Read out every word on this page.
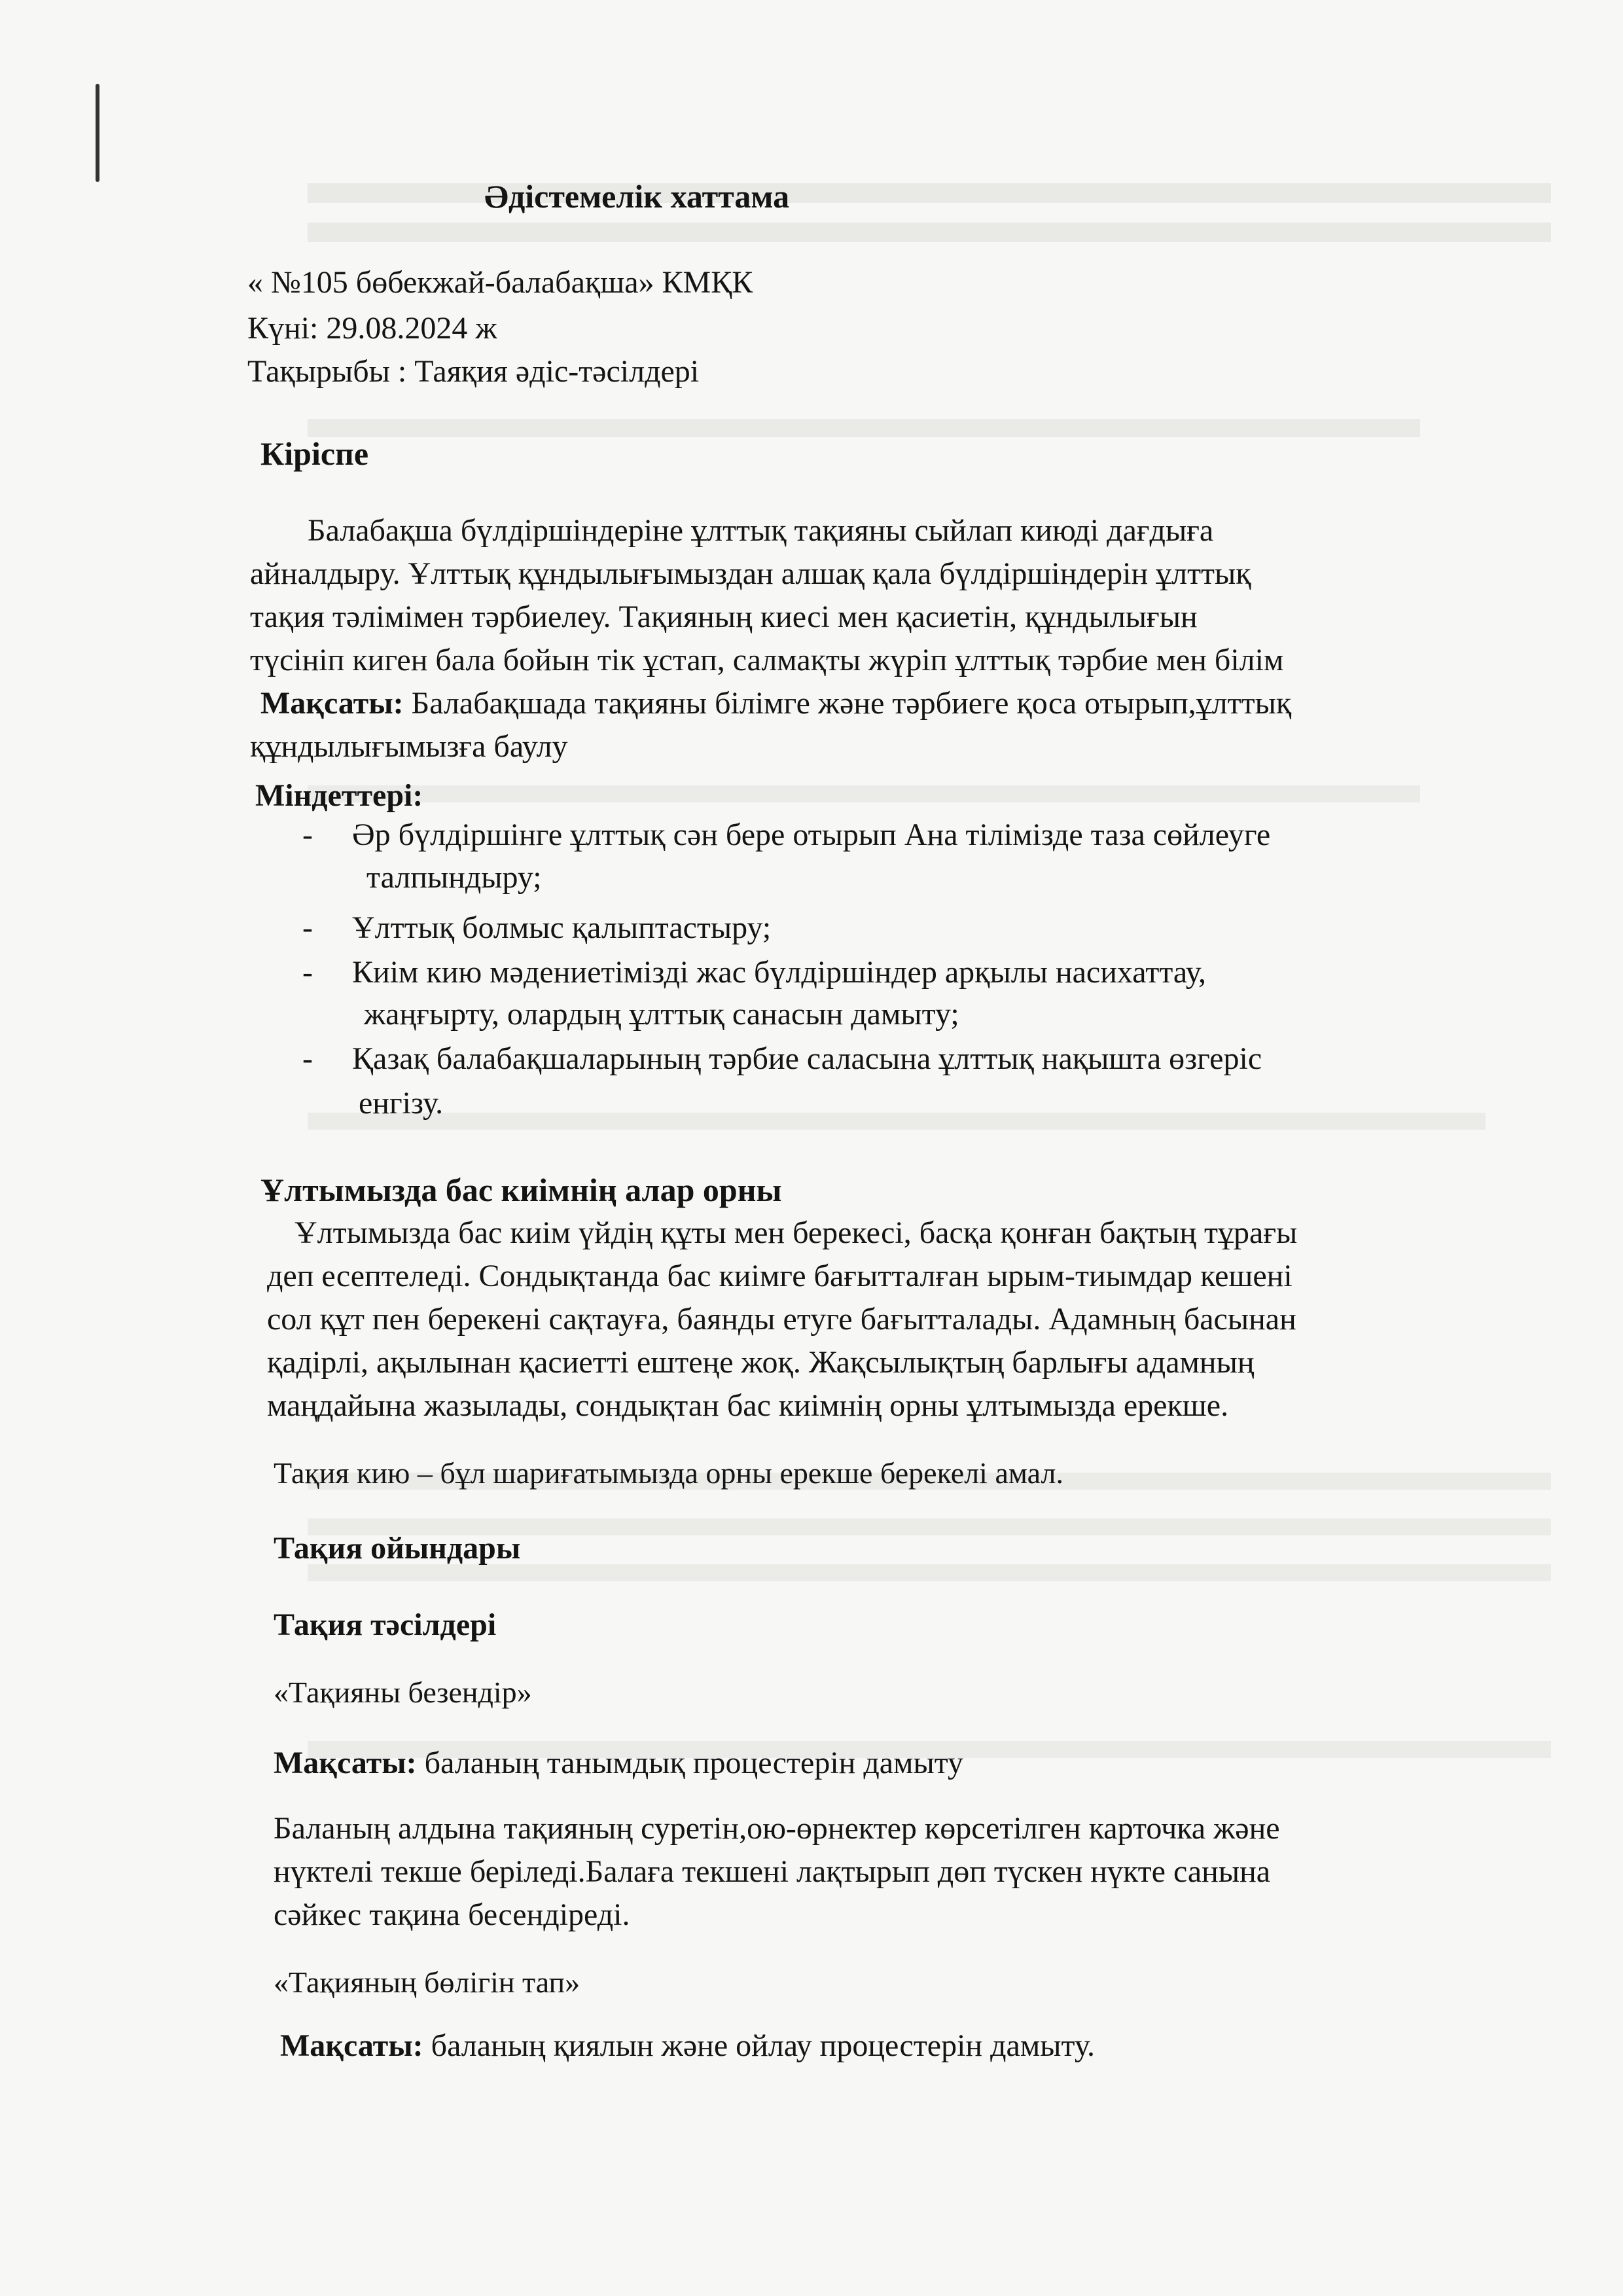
Әдістемелік хаттама
« №105 бөбекжай-балабақша» КМҚК
Күні: 29.08.2024 ж
Тақырыбы : Таяқия әдіс-тәсілдері
Кіріспе
Балабақша бүлдіршіндеріне ұлттық тақияны сыйлап киюді дағдыға
айналдыру. Ұлттық құндылығымыздан алшақ қала бүлдіршіндерін ұлттық
тақия тәлімімен тәрбиелеу. Тақияның киесі мен қасиетін, құндылығын
түсініп киген бала бойын тік ұстап, салмақты жүріп ұлттық тәрбие мен білім
Мақсаты: Балабақшада тақияны білімге және тәрбиеге қоса отырып,ұлттық
құндылығымызға баулу
Міндеттері:
- Әр бүлдіршінге ұлттық сән бере отырып Ана тілімізде таза сөйлеуге
талпындыру;
- Ұлттық болмыс қалыптастыру;
- Киім кию мәдениетімізді жас бүлдіршіндер арқылы насихаттау,
жаңғырту, олардың ұлттық санасын дамыту;
- Қазақ балабақшаларының тәрбие саласына ұлттық нақышта өзгеріс
енгізу.
Ұлтымызда бас киімнің алар орны
Ұлтымызда бас киім үйдің құты мен берекесі, басқа қонған бақтың тұрағы
деп есептеледі. Сондықтанда бас киімге бағытталған ырым-тиымдар кешені
сол құт пен берекені сақтауға, баянды етуге бағытталады. Адамның басынан
қадірлі, ақылынан қасиетті ештеңе жоқ. Жақсылықтың барлығы адамның
маңдайына жазылады, сондықтан бас киімнің орны ұлтымызда ерекше.
Тақия кию – бұл шариғатымызда орны ерекше берекелі амал.
Тақия ойындары
Тақия тәсілдері
«Тақияны безендір»
Мақсаты: баланың танымдық процестерін дамыту
Баланың алдына тақияның суретін,ою-өрнектер көрсетілген карточка және
нүктелі текше беріледі.Балаға текшені лақтырып дөп түскен нүкте санына
сәйкес тақина бесендіреді.
«Тақияның бөлігін тап»
Мақсаты: баланың қиялын және ойлау процестерін дамыту.
